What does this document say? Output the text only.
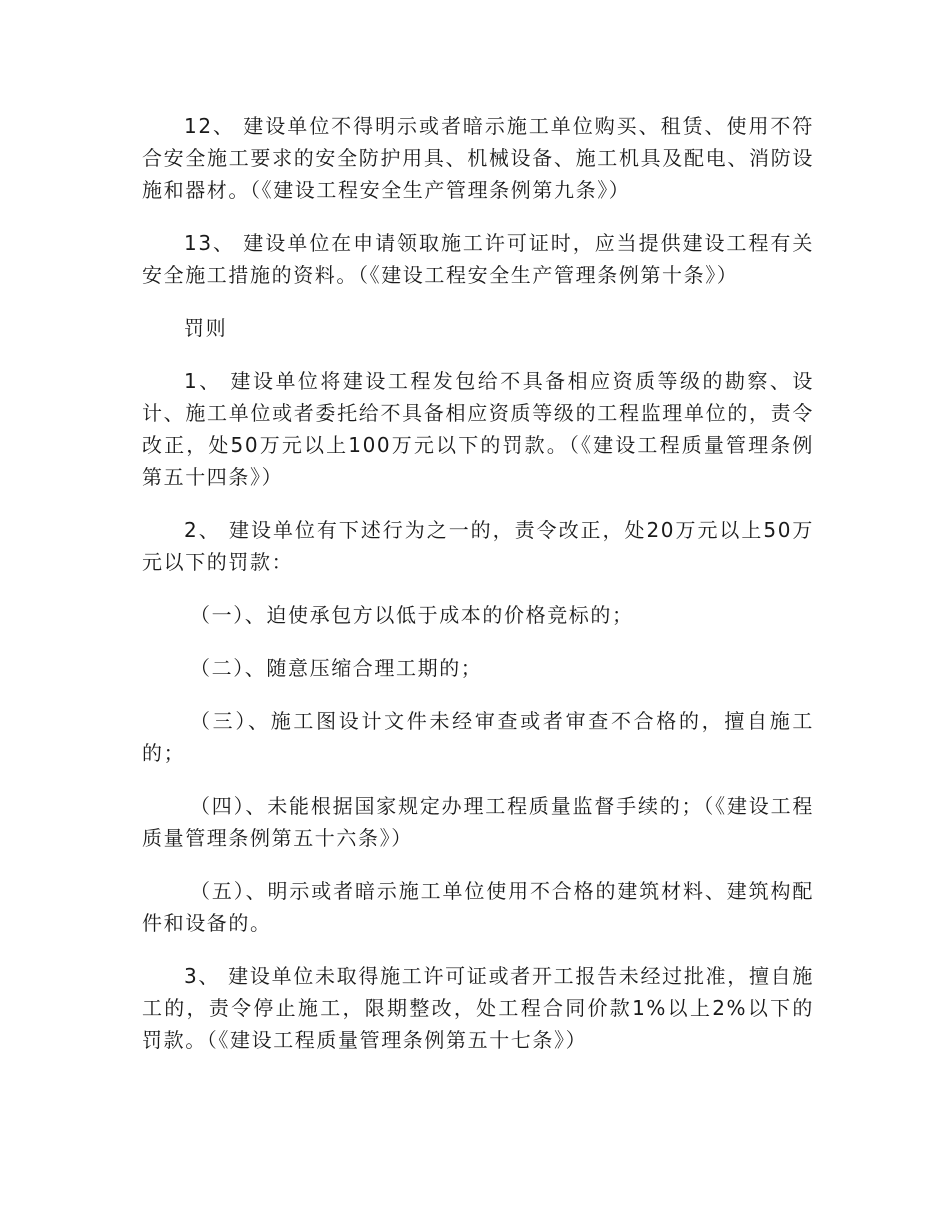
12、 建设单位不得明示或者暗示施工单位购买、租赁、使用不符合安全施工要求的安全防护用具、机械设备、施工机具及配电、消防设施和器材。（《建设工程安全生产管理条例第九条》）

13、 建设单位在申请领取施工许可证时，应当提供建设工程有关安全施工措施的资料。（《建设工程安全生产管理条例第十条》）

罚则

1、 建设单位将建设工程发包给不具备相应资质等级的勘察、设计、施工单位或者委托给不具备相应资质等级的工程监理单位的，责令改正，处50万元以上100万元以下的罚款。（《建设工程质量管理条例第五十四条》）

2、 建设单位有下述行为之一的，责令改正，处20万元以上50万元以下的罚款：

（一）、迫使承包方以低于成本的价格竞标的；

（二）、随意压缩合理工期的；

（三）、施工图设计文件未经审查或者审查不合格的，擅自施工的；

（四）、未能根据国家规定办理工程质量监督手续的；（《建设工程质量管理条例第五十六条》）

（五）、明示或者暗示施工单位使用不合格的建筑材料、建筑构配件和设备的。

3、 建设单位未取得施工许可证或者开工报告未经过批准，擅自施工的，责令停止施工，限期整改，处工程合同价款1%以上2%以下的罚款。（《建设工程质量管理条例第五十七条》）
